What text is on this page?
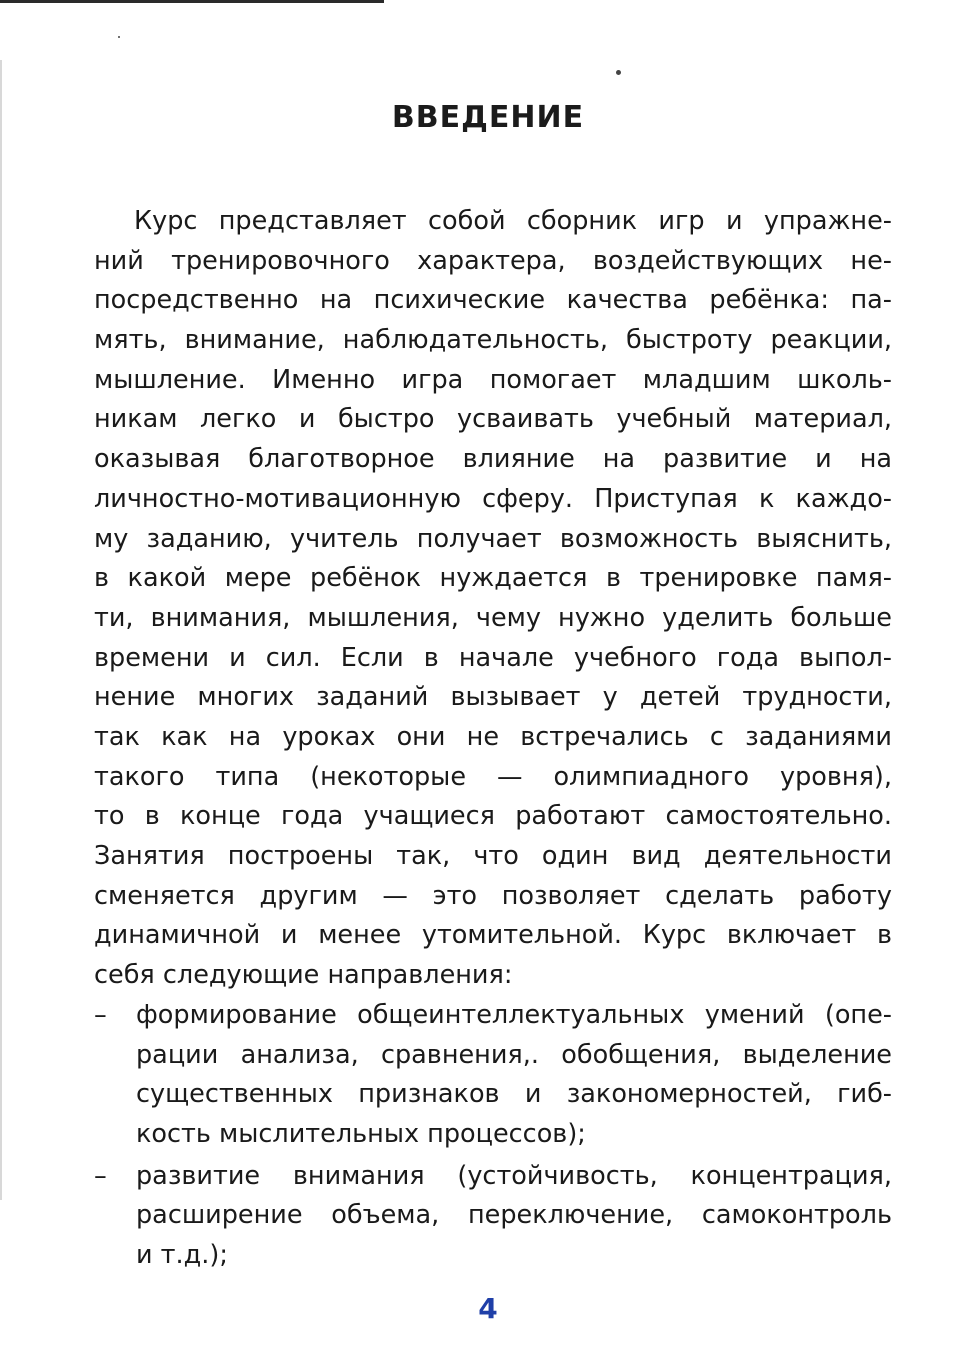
ВВЕДЕНИЕ
Курс представляет собой сборник игр и упражне-
ний тренировочного характера, воздействующих не-
посредственно на психические качества ребёнка: па-
мять, внимание, наблюдательность, быстроту реакции,
мышление. Именно игра помогает младшим школь-
никам легко и быстро усваивать учебный материал,
оказывая благотворное влияние на развитие и на
личностно-мотивационную сферу. Приступая к каждо-
му заданию, учитель получает возможность выяснить,
в какой мере ребёнок нуждается в тренировке памя-
ти, внимания, мышления, чему нужно уделить больше
времени и сил. Если в начале учебного года выпол-
нение многих заданий вызывает у детей трудности,
так как на уроках они не встречались с заданиями
такого типа (некоторые — олимпиадного уровня),
то в конце года учащиеся работают самостоятельно.
Занятия построены так, что один вид деятельности
сменяется другим — это позволяет сделать работу
динамичной и менее утомительной. Курс включает в
себя следующие направления:
– формирование общеинтеллектуальных умений (опе-
рации анализа, сравнения,. обобщения, выделение
существенных признаков и закономерностей, гиб-
кость мыслительных процессов);
– развитие внимания (устойчивость, концентрация,
расширение объема, переключение, самоконтроль
и т.д.);
4
